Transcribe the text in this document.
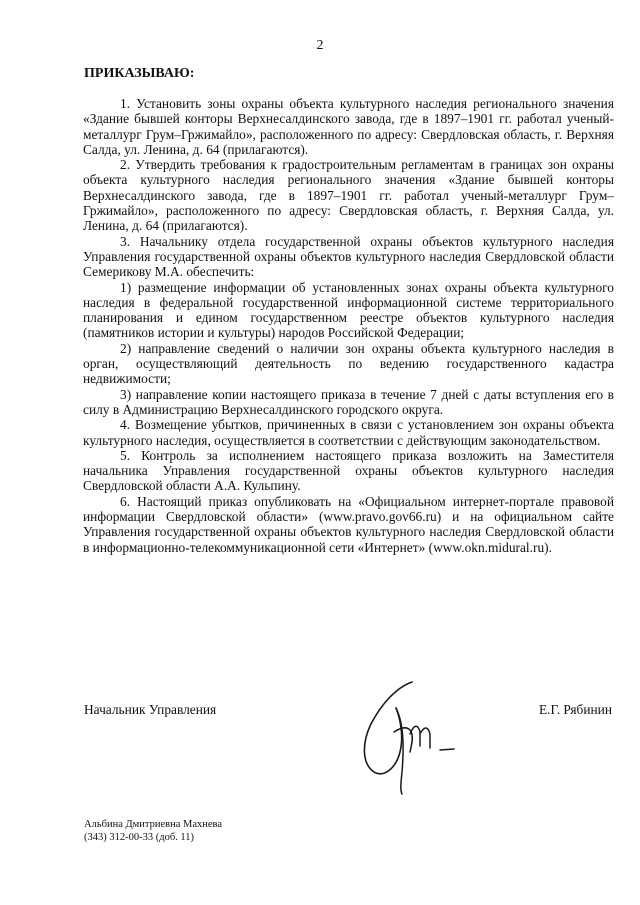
2
ПРИКАЗЫВАЮ:

1. Установить зоны охраны объекта культурного наследия регионального значения «Здание бывшей конторы Верхнесалдинского завода, где в 1897–1901 гг. работал ученый-металлург Грум–Гржимайло», расположенного по адресу: Свердловская область, г. Верхняя Салда, ул. Ленина, д. 64 (прилагаются).

2. Утвердить требования к градостроительным регламентам в границах зон охраны объекта культурного наследия регионального значения «Здание бывшей конторы Верхнесалдинского завода, где в 1897–1901 гг. работал ученый-металлург Грум–Гржимайло», расположенного по адресу: Свердловская область, г. Верхняя Салда, ул. Ленина, д. 64 (прилагаются).

3. Начальнику отдела государственной охраны объектов культурного наследия Управления государственной охраны объектов культурного наследия Свердловской области Семерикову М.А. обеспечить:

1) размещение информации об установленных зонах охраны объекта культурного наследия в федеральной государственной информационной системе территориального планирования и едином государственном реестре объектов культурного наследия (памятников истории и культуры) народов Российской Федерации;

2) направление сведений о наличии зон охраны объекта культурного наследия в орган, осуществляющий деятельность по ведению государственного кадастра недвижимости;

3) направление копии настоящего приказа в течение 7 дней с даты вступления его в силу в Администрацию Верхнесалдинского городского округа.

4. Возмещение убытков, причиненных в связи с установлением зон охраны объекта культурного наследия, осуществляется в соответствии с действующим законодательством.

5. Контроль за исполнением настоящего приказа возложить на Заместителя начальника Управления государственной охраны объектов культурного наследия Свердловской области А.А. Кульпину.

6. Настоящий приказ опубликовать на «Официальном интернет-портале правовой информации Свердловской области» (www.pravo.gov66.ru) и на официальном сайте Управления государственной охраны объектов культурного наследия Свердловской области в информационно-телекоммуникационной сети «Интернет» (www.okn.midural.ru).

Начальник Управления	Е.Г. Рябинин
Альбина Дмитриевна Махнева
(343) 312-00-33 (доб. 11)
